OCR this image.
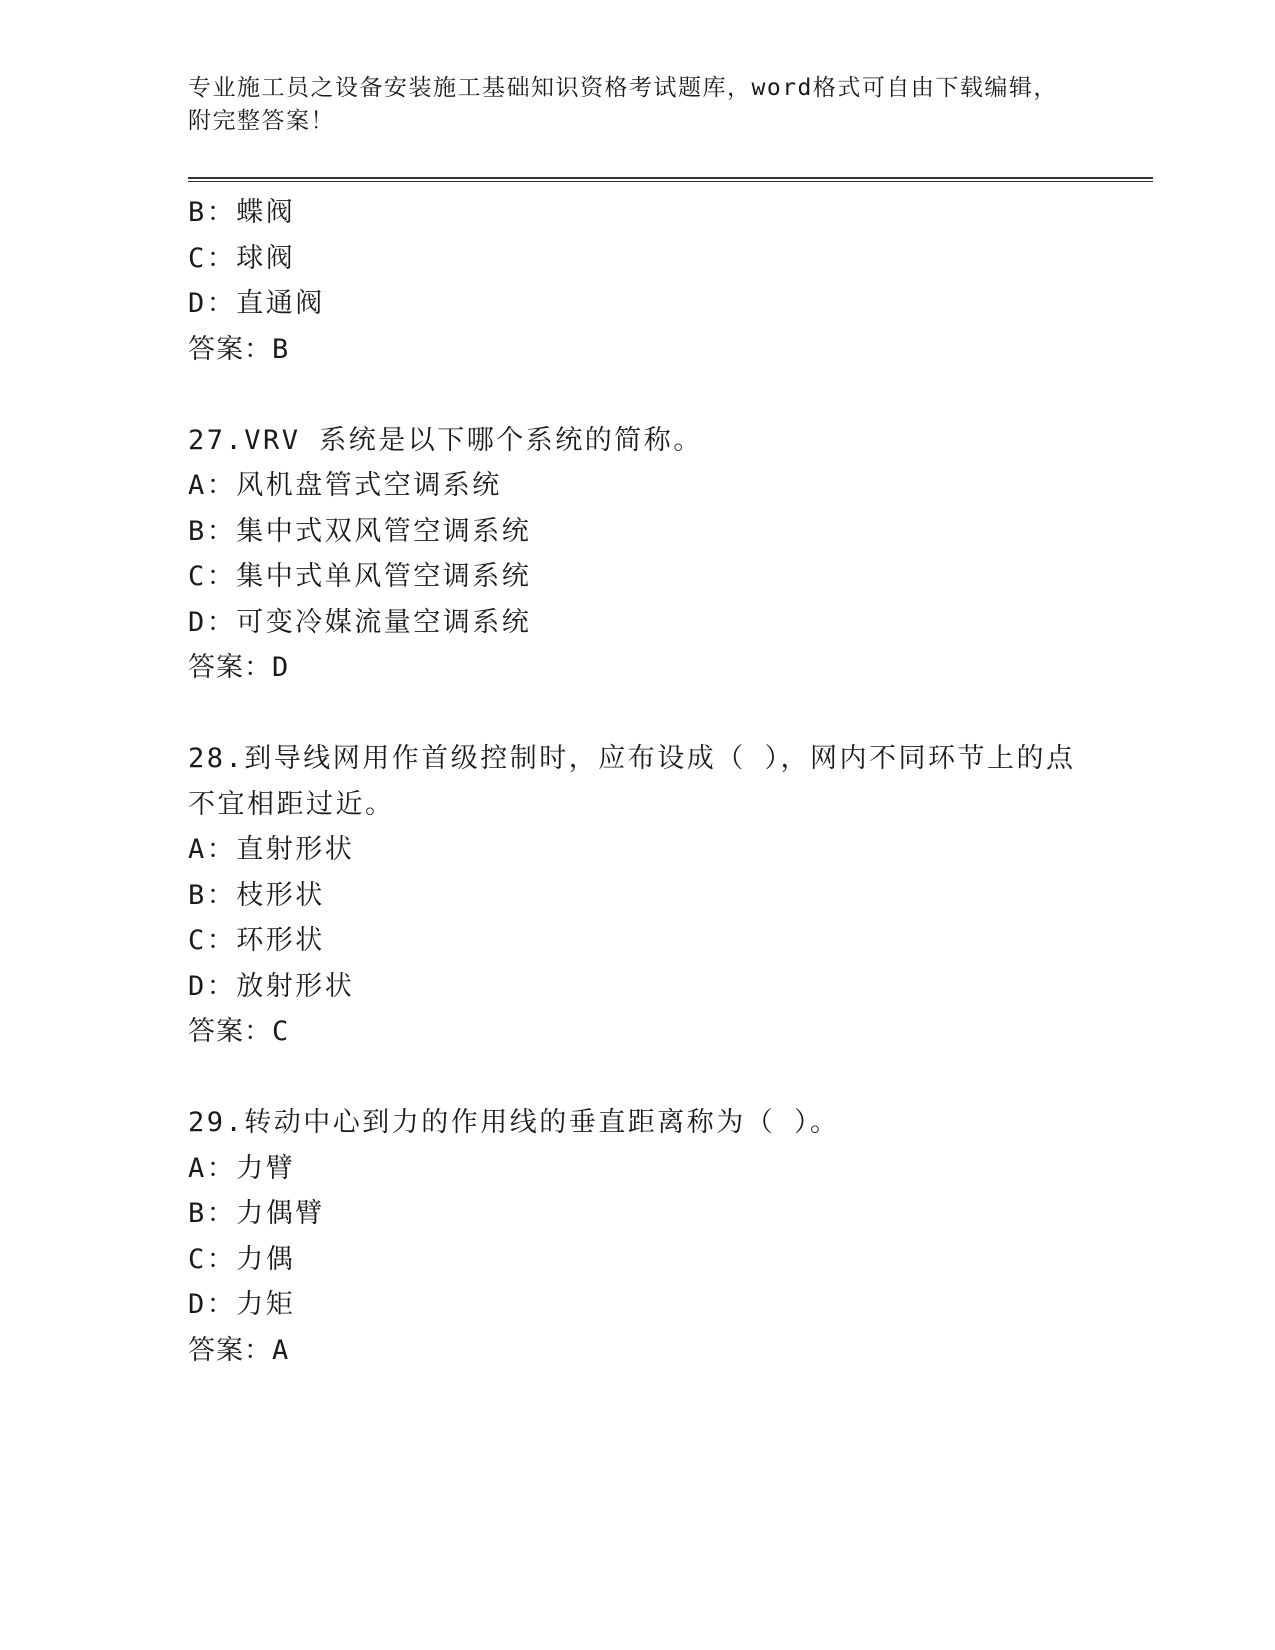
专业施工员之设备安装施工基础知识资格考试题库，word格式可自由下载编辑，
附完整答案！
B：蝶阀
C：球阀
D：直通阀
答案：B
27.VRV 系统是以下哪个系统的简称。
A：风机盘管式空调系统
B：集中式双风管空调系统
C：集中式单风管空调系统
D：可变冷媒流量空调系统
答案：D
28.到导线网用作首级控制时，应布设成（ ），网内不同环节上的点
不宜相距过近。
A：直射形状
B：枝形状
C：环形状
D：放射形状
答案：C
29.转动中心到力的作用线的垂直距离称为（ ）。
A：力臂
B：力偶臂
C：力偶
D：力矩
答案：A
